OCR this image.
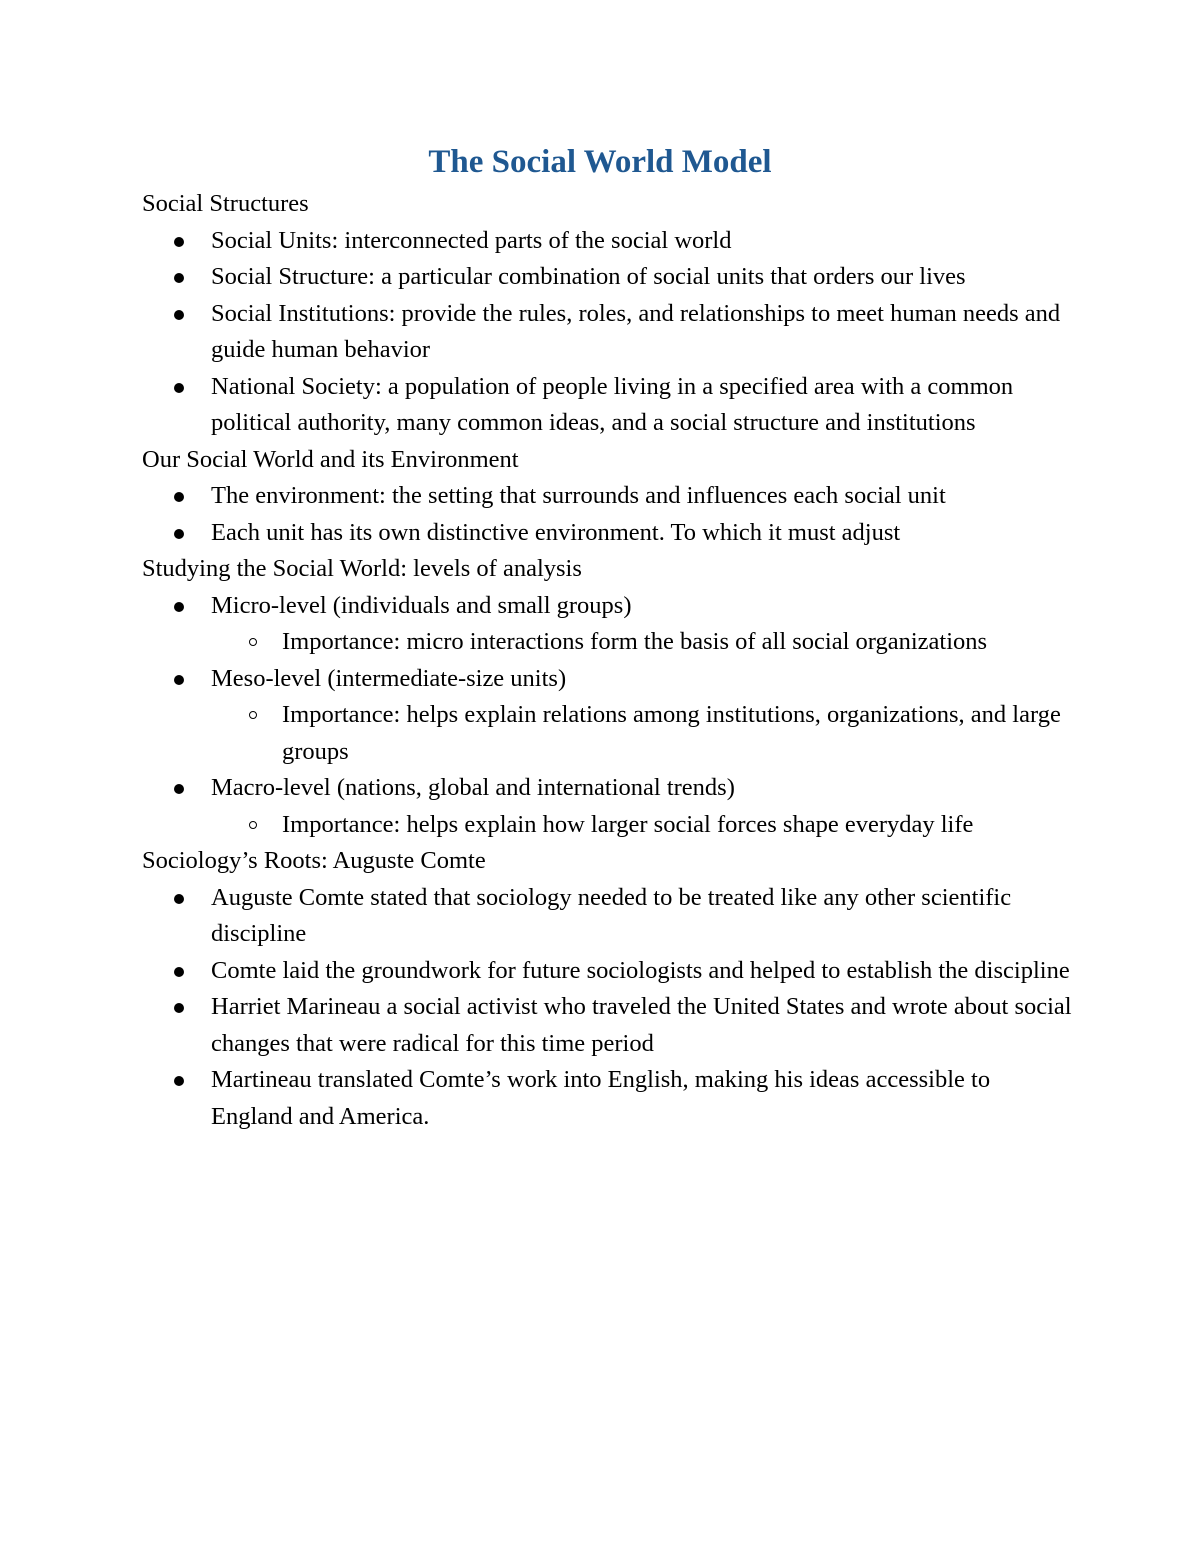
The Social World Model
Social Structures
Social Units: interconnected parts of the social world
Social Structure: a particular combination of social units that orders our lives
Social Institutions: provide the rules, roles, and relationships to meet human needs and guide human behavior
National Society: a population of people living in a specified area with a common political authority, many common ideas, and a social structure and institutions
Our Social World and its Environment
The environment: the setting that surrounds and influences each social unit
Each unit has its own distinctive environment. To which it must adjust
Studying the Social World: levels of analysis
Micro-level (individuals and small groups)
Importance: micro interactions form the basis of all social organizations
Meso-level (intermediate-size units)
Importance: helps explain relations among institutions, organizations, and large groups
Macro-level (nations, global and international trends)
Importance: helps explain how larger social forces shape everyday life
Sociology’s Roots: Auguste Comte
Auguste Comte stated that sociology needed to be treated like any other scientific discipline
Comte laid the groundwork for future sociologists and helped to establish the discipline
Harriet Marineau a social activist who traveled the United States and wrote about social changes that were radical for this time period
Martineau translated Comte’s work into English, making his ideas accessible to England and America.
